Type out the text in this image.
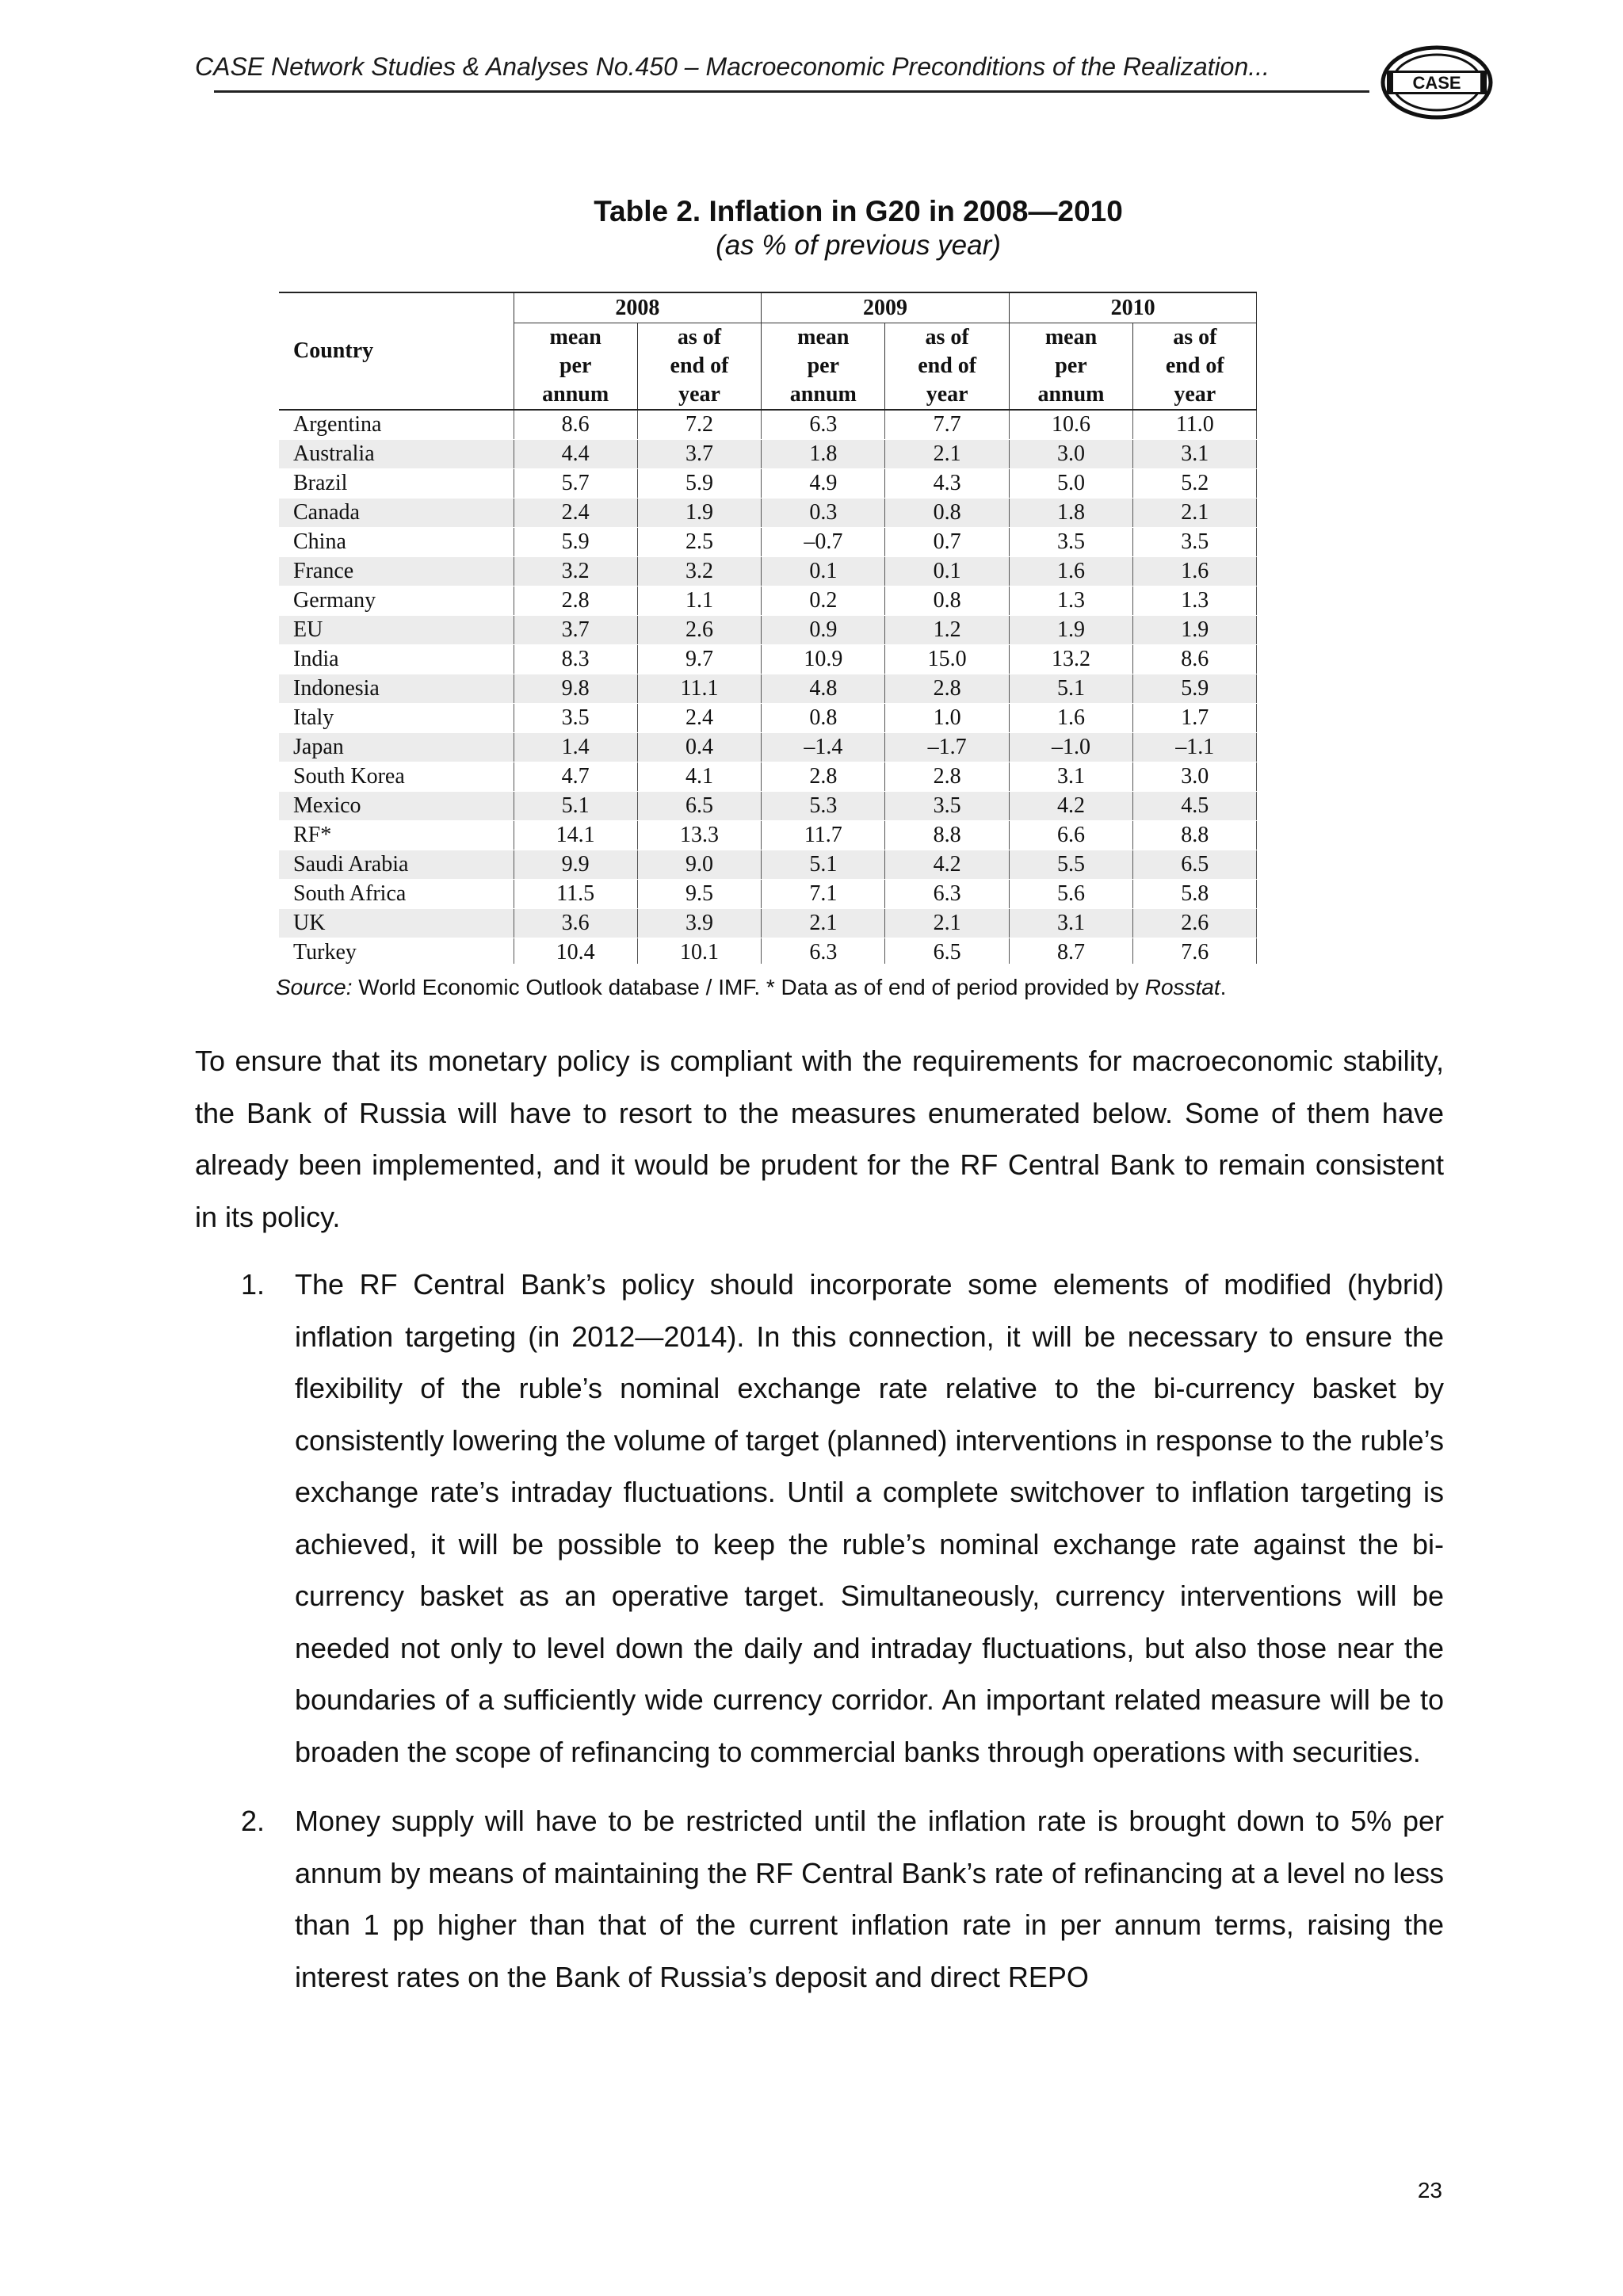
CASE Network Studies & Analyses No.450 – Macroeconomic Preconditions of the Realization...
CASE
Table 2. Inflation in G20 in 2008—2010
(as % of previous year)
Country	2008		2009		2010	

	mean
per
annum	as of
end of
year	mean
per
annum	as of
end of
year	mean
per
annum	as of
end of
year

Argentina	8.6	7.2	6.3	7.7	10.6	11.0
Australia	4.4	3.7	1.8	2.1	3.0	3.1
Brazil	5.7	5.9	4.9	4.3	5.0	5.2
Canada	2.4	1.9	0.3	0.8	1.8	2.1
China	5.9	2.5	–0.7	0.7	3.5	3.5
France	3.2	3.2	0.1	0.1	1.6	1.6
Germany	2.8	1.1	0.2	0.8	1.3	1.3
EU	3.7	2.6	0.9	1.2	1.9	1.9
India	8.3	9.7	10.9	15.0	13.2	8.6
Indonesia	9.8	11.1	4.8	2.8	5.1	5.9
Italy	3.5	2.4	0.8	1.0	1.6	1.7
Japan	1.4	0.4	–1.4	–1.7	–1.0	–1.1
South Korea	4.7	4.1	2.8	2.8	3.1	3.0
Mexico	5.1	6.5	5.3	3.5	4.2	4.5
RF*	14.1	13.3	11.7	8.8	6.6	8.8
Saudi Arabia	9.9	9.0	5.1	4.2	5.5	6.5
South Africa	11.5	9.5	7.1	6.3	5.6	5.8
UK	3.6	3.9	2.1	2.1	3.1	2.6
Turkey	10.4	10.1	6.3	6.5	8.7	7.6

Source: World Economic Outlook database / IMF. * Data as of end of period provided by Rosstat.
To ensure that its monetary policy is compliant with the requirements for macroeconomic stability, the Bank of Russia will have to resort to the measures enumerated below. Some of them have already been implemented, and it would be prudent for the RF Central Bank to remain consistent in its policy.
1. The RF Central Bank’s policy should incorporate some elements of modified (hybrid) inflation targeting (in 2012—2014). In this connection, it will be necessary to ensure the flexibility of the ruble’s nominal exchange rate relative to the bi-currency basket by consistently lowering the volume of target (planned) interventions in response to the ruble’s exchange rate’s intraday fluctuations. Until a complete switchover to inflation targeting is achieved, it will be possible to keep the ruble’s nominal exchange rate against the bi-currency basket as an operative target. Simultaneously, currency interventions will be needed not only to level down the daily and intraday fluctuations, but also those near the boundaries of a sufficiently wide currency corridor. An important related measure will be to broaden the scope of refinancing to commercial banks through operations with securities.
2. Money supply will have to be restricted until the inflation rate is brought down to 5% per annum by means of maintaining the RF Central Bank’s rate of refinancing at a level no less than 1 pp higher than that of the current inflation rate in per annum terms, raising the interest rates on the Bank of Russia’s deposit and direct REPO
23
